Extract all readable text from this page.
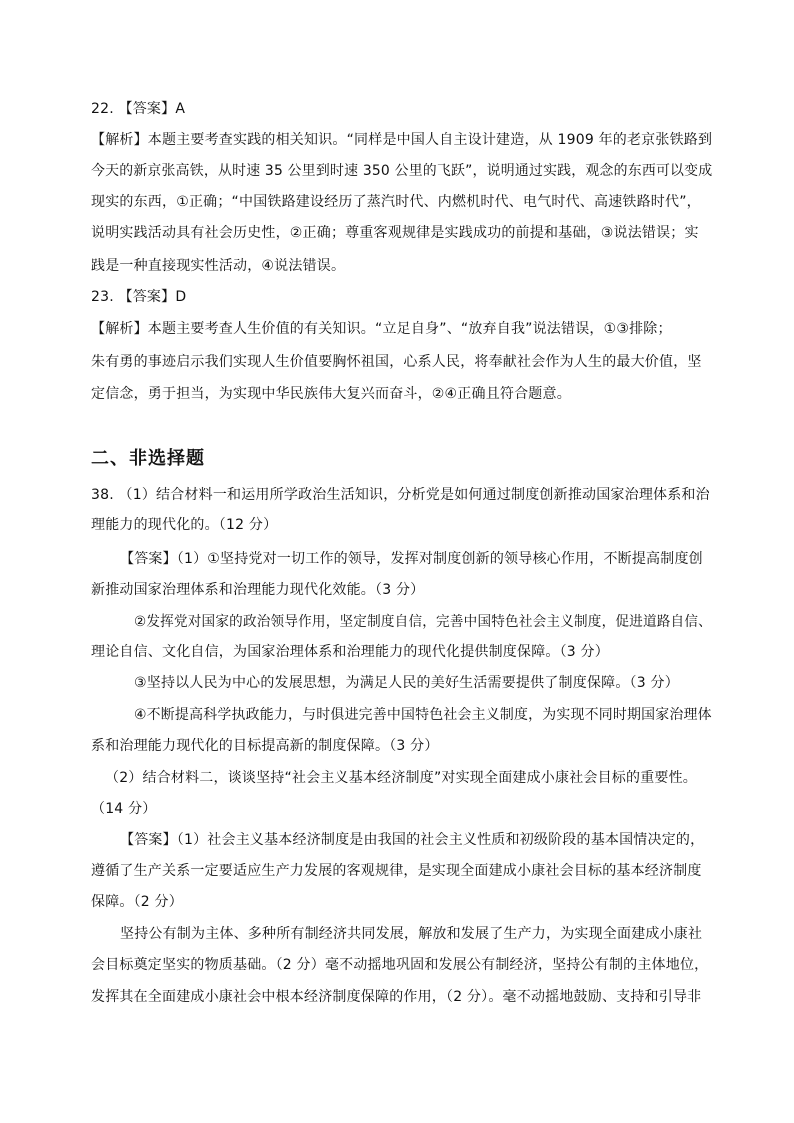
22. 【答案】A
【解析】本题主要考查实践的相关知识。“同样是中国人自主设计建造，从 1909 年的老京张铁路到
今天的新京张高铁，从时速 35 公里到时速 350 公里的飞跃”，说明通过实践，观念的东西可以变成
现实的东西，①正确；“中国铁路建设经历了蒸汽时代、内燃机时代、电气时代、高速铁路时代”，
说明实践活动具有社会历史性，②正确；尊重客观规律是实践成功的前提和基础，③说法错误；实
践是一种直接现实性活动，④说法错误。
23. 【答案】D
【解析】本题主要考查人生价值的有关知识。“立足自身”、“放弃自我”说法错误，①③排除；
朱有勇的事迹启示我们实现人生价值要胸怀祖国，心系人民，将奉献社会作为人生的最大价值，坚
定信念，勇于担当，为实现中华民族伟大复兴而奋斗，②④正确且符合题意。
二、非选择题
38. （1）结合材料一和运用所学政治生活知识，分析党是如何通过制度创新推动国家治理体系和治
理能力的现代化的。（12 分）
【答案】（1）①坚持党对一切工作的领导，发挥对制度创新的领导核心作用，不断提高制度创
新推动国家治理体系和治理能力现代化效能。（3 分）
②发挥党对国家的政治领导作用，坚定制度自信，完善中国特色社会主义制度，促进道路自信、
理论自信、文化自信，为国家治理体系和治理能力的现代化提供制度保障。（3 分）
③坚持以人民为中心的发展思想，为满足人民的美好生活需要提供了制度保障。（3 分）
④不断提高科学执政能力，与时俱进完善中国特色社会主义制度，为实现不同时期国家治理体
系和治理能力现代化的目标提高新的制度保障。（3 分）
（2）结合材料二，谈谈坚持“社会主义基本经济制度”对实现全面建成小康社会目标的重要性。
（14 分）
【答案】（1）社会主义基本经济制度是由我国的社会主义性质和初级阶段的基本国情决定的，
遵循了生产关系一定要适应生产力发展的客观规律，是实现全面建成小康社会目标的基本经济制度
保障。（2 分）
坚持公有制为主体、多种所有制经济共同发展，解放和发展了生产力，为实现全面建成小康社
会目标奠定坚实的物质基础。（2 分）毫不动摇地巩固和发展公有制经济，坚持公有制的主体地位，
发挥其在全面建成小康社会中根本经济制度保障的作用，（2 分）。毫不动摇地鼓励、支持和引导非
